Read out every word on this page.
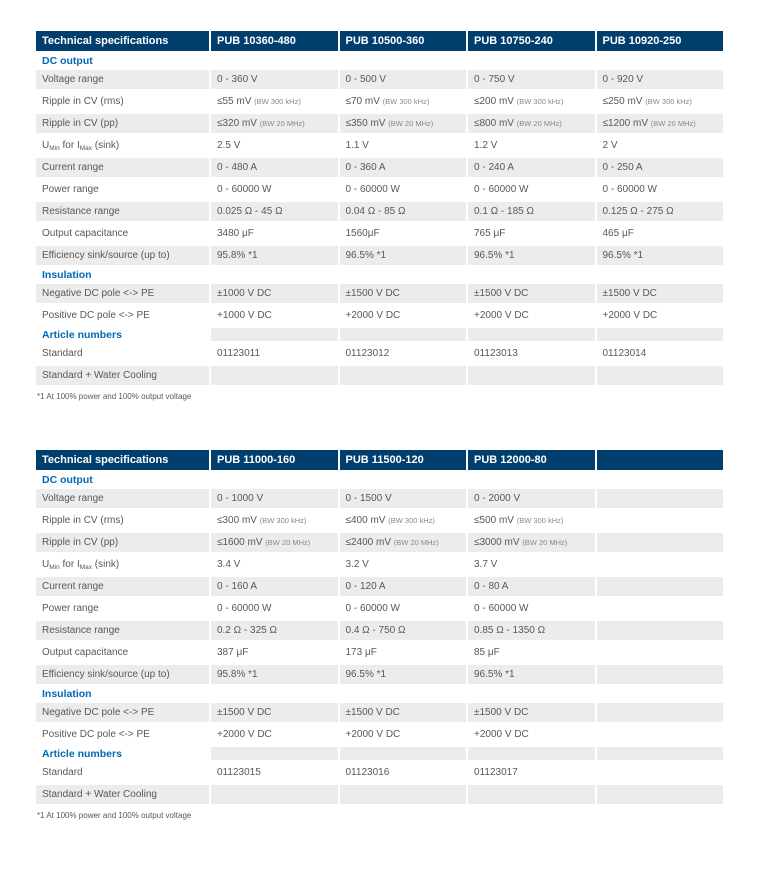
Technical specifications	PUB 10360-480	PUB 10500-360	PUB 10750-240	PUB 10920-250
DC output				
Voltage range	0 - 360 V	0 - 500 V	0 - 750 V	0 - 920 V
Ripple in CV (rms)	≤55 mV (BW 300 kHz)	≤70 mV (BW 300 kHz)	≤200 mV (BW 300 kHz)	≤250 mV (BW 300 kHz)
Ripple in CV (pp)	≤320 mV (BW 20 MHz)	≤350 mV (BW 20 MHz)	≤800 mV (BW 20 MHz)	≤1200 mV (BW 20 MHz)
$U_{Min}$ for $I_{Max}$ (sink)	2.5 V	1.1 V	1.2 V	2 V
Current range	0 - 480 A	0 - 360 A	0 - 240 A	0 - 250 A
Power range	0 - 60000 W	0 - 60000 W	0 - 60000 W	0 - 60000 W
Resistance range	0.025 Ω - 45 Ω	0.04 Ω - 85 Ω	0.1 Ω - 185 Ω	0.125 Ω - 275 Ω
Output capacitance	3480 μF	1560μF	765 μF	465 μF
Efficiency sink/source (up to)	95.8% *1	96.5% *1	96.5% *1	96.5% *1
Insulation				
Negative DC pole <-> PE	±1000 V DC	±1500 V DC	±1500 V DC	±1500 V DC
Positive DC pole <-> PE	+1000 V DC	+2000 V DC	+2000 V DC	+2000 V DC
Article numbers				
Standard	01123011	01123012	01123013	01123014
Standard + Water Cooling				
*1 At 100% power and 100% output voltage
Technical specifications	PUB 11000-160	PUB 11500-120	PUB 12000-80	
DC output				
Voltage range	0 - 1000 V	0 - 1500 V	0 - 2000 V	
Ripple in CV (rms)	≤300 mV (BW 300 kHz)	≤400 mV (BW 300 kHz)	≤500 mV (BW 300 kHz)	
Ripple in CV (pp)	≤1600 mV (BW 20 MHz)	≤2400 mV (BW 20 MHz)	≤3000 mV (BW 20 MHz)	
$U_{Min}$ for $I_{Max}$ (sink)	3.4 V	3.2 V	3.7 V	
Current range	0 - 160 A	0 - 120 A	0 - 80 A	
Power range	0 - 60000 W	0 - 60000 W	0 - 60000 W	
Resistance range	0.2 Ω - 325 Ω	0.4 Ω - 750 Ω	0.85 Ω - 1350 Ω	
Output capacitance	387 μF	173 μF	85 μF	
Efficiency sink/source (up to)	95.8% *1	96.5% *1	96.5% *1	
Insulation				
Negative DC pole <-> PE	±1500 V DC	±1500 V DC	±1500 V DC	
Positive DC pole <-> PE	+2000 V DC	+2000 V DC	+2000 V DC	
Article numbers				
Standard	01123015	01123016	01123017	
Standard + Water Cooling				
*1 At 100% power and 100% output voltage
